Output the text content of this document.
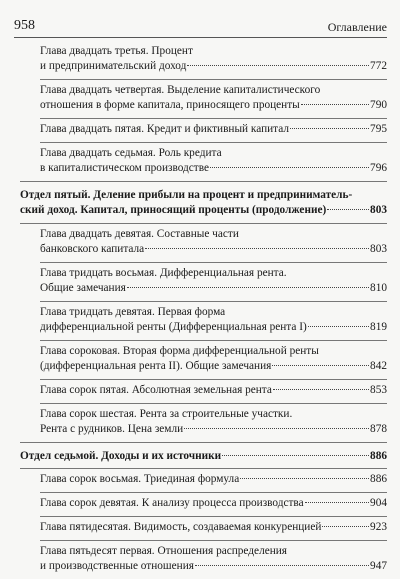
958	Оглавление
Глава двадцать третья. Процент
и предпринимательский доход	772
Глава двадцать четвертая. Выделение капиталистического
отношения в форме капитала, приносящего проценты	790
Глава двадцать пятая. Кредит и фиктивный капитал	795
Глава двадцать седьмая. Роль кредита
в капиталистическом производстве	796
Отдел пятый. Деление прибыли на процент и предприниматель-
ский доход. Капитал, приносящий проценты (продолжение)	803
Глава двадцать девятая. Составные части
банковского капитала	803
Глава тридцать восьмая. Дифференциальная рента.
Общие замечания	810
Глава тридцать девятая. Первая форма
дифференциальной ренты (Дифференциальная рента I)	819
Глава сороковая. Вторая форма дифференциальной ренты
(дифференциальная рента II). Общие замечания	842
Глава сорок пятая. Абсолютная земельная рента	853
Глава сорок шестая. Рента за строительные участки.
Рента с рудников. Цена земли	878
Отдел седьмой. Доходы и их источники	886
Глава сорок восьмая. Триединая формула	886
Глава сорок девятая. К анализу процесса производства	904
Глава пятидесятая. Видимость, создаваемая конкуренцией	923
Глава пятьдесят первая. Отношения распределения
и производственные отношения	947
